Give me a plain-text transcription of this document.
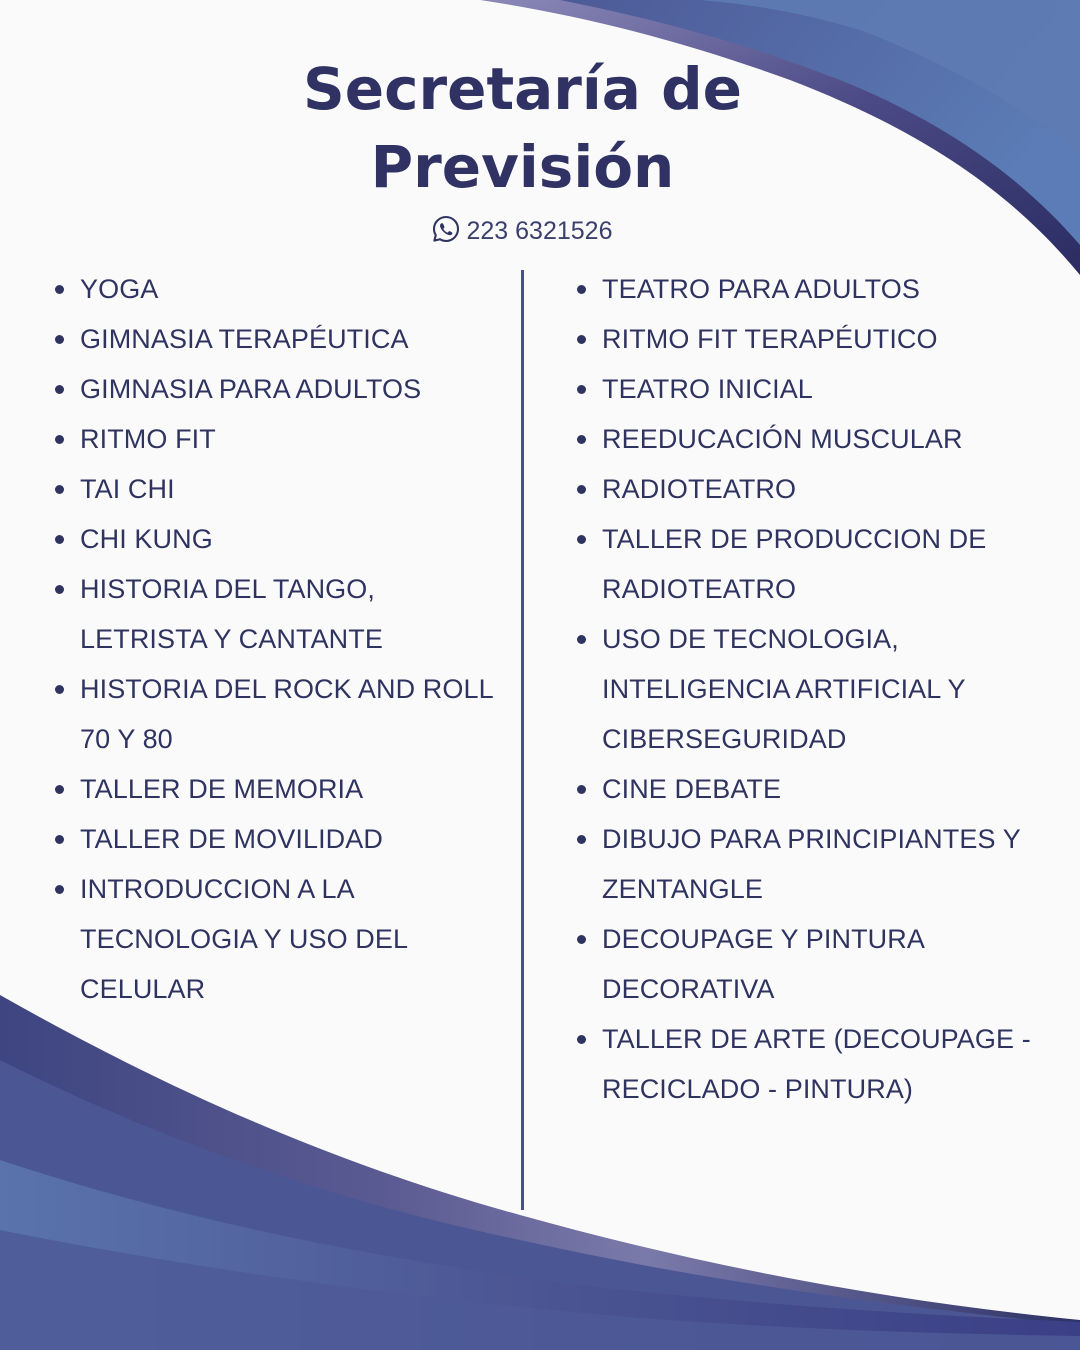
Secretaría de
Previsión
223 6321526
YOGA
GIMNASIA TERAPÉUTICA
GIMNASIA PARA ADULTOS
RITMO FIT
TAI CHI
CHI KUNG
HISTORIA DEL TANGO, LETRISTA Y CANTANTE
HISTORIA DEL ROCK AND ROLL 70 Y 80
TALLER DE MEMORIA
TALLER DE MOVILIDAD
INTRODUCCION A LA TECNOLOGIA Y USO DEL CELULAR
TEATRO PARA ADULTOS
RITMO FIT TERAPÉUTICO
TEATRO INICIAL
REEDUCACIÓN MUSCULAR
RADIOTEATRO
TALLER DE PRODUCCION DE RADIOTEATRO
USO DE TECNOLOGIA, INTELIGENCIA ARTIFICIAL Y CIBERSEGURIDAD
CINE DEBATE
DIBUJO PARA PRINCIPIANTES Y ZENTANGLE
DECOUPAGE Y PINTURA DECORATIVA
TALLER DE ARTE (DECOUPAGE - RECICLADO - PINTURA)
